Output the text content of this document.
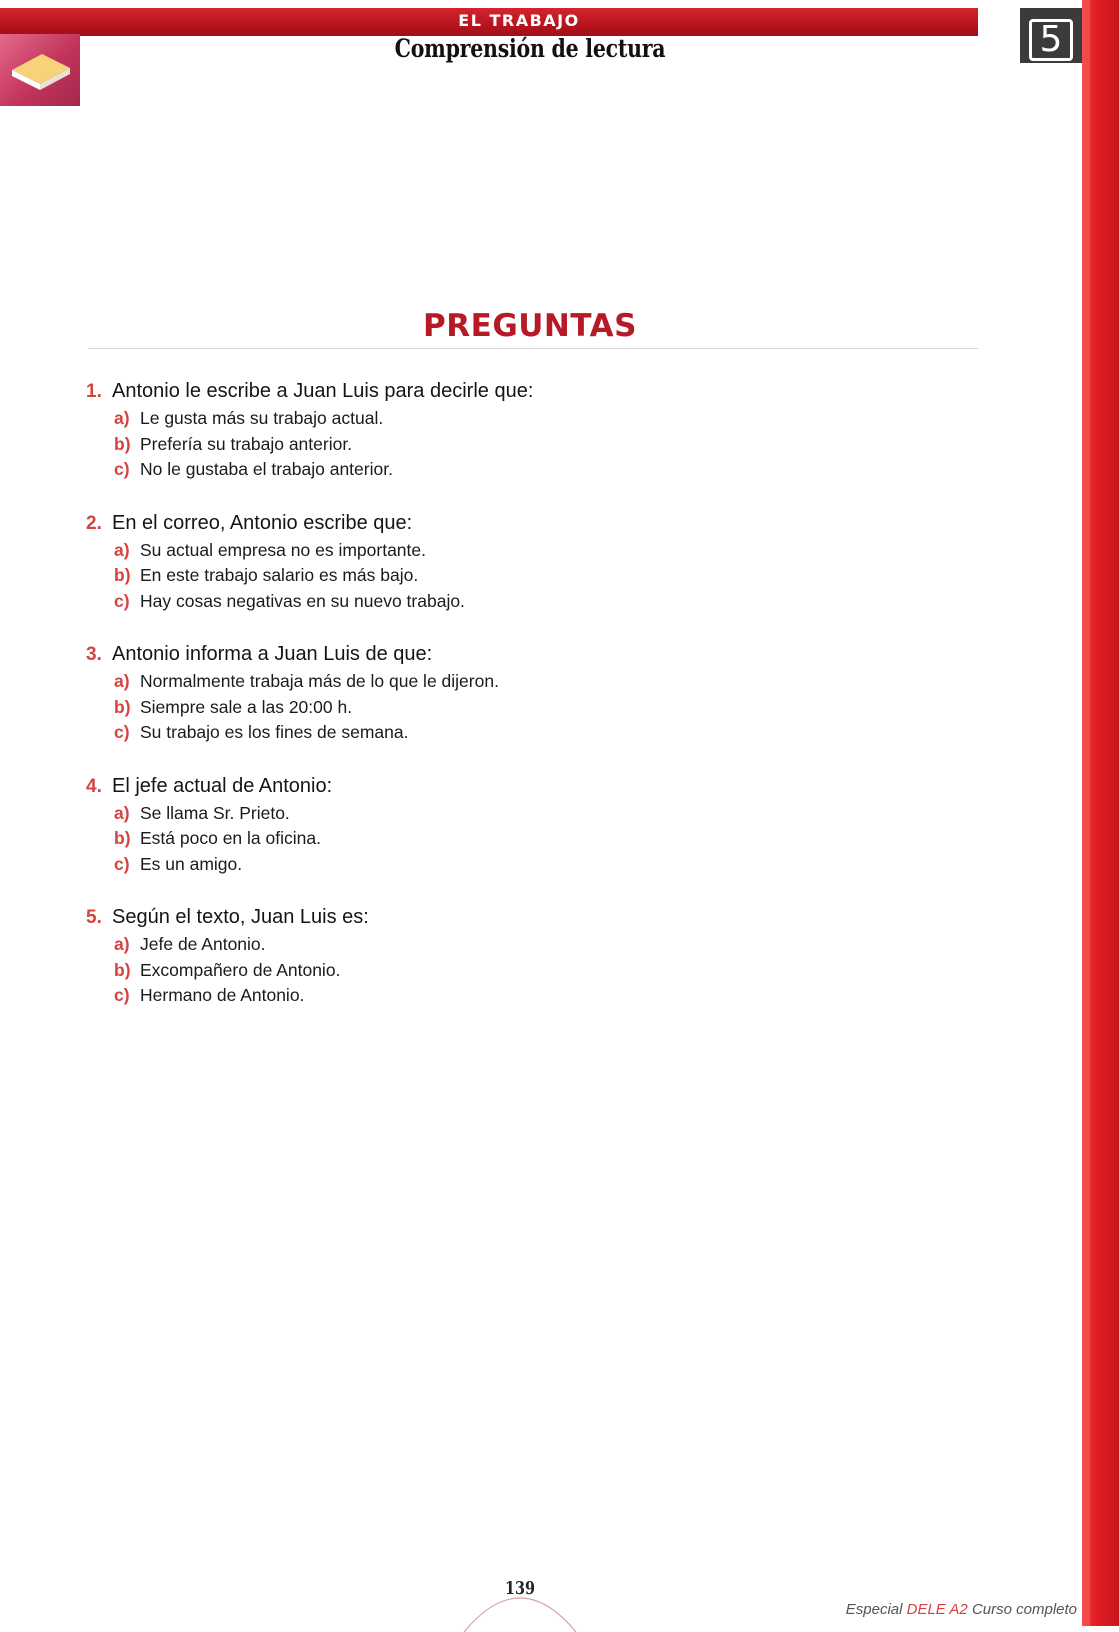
EL TRABAJO
Comprensión de lectura	5
PREGUNTAS
1. Antonio le escribe a Juan Luis para decirle que:
a) Le gusta más su trabajo actual.
b) Prefería su trabajo anterior.
c) No le gustaba el trabajo anterior.
2. En el correo, Antonio escribe que:
a) Su actual empresa no es importante.
b) En este trabajo salario es más bajo.
c) Hay cosas negativas en su nuevo trabajo.
3. Antonio informa a Juan Luis de que:
a) Normalmente trabaja más de lo que le dijeron.
b) Siempre sale a las 20:00 h.
c) Su trabajo es los fines de semana.
4. El jefe actual de Antonio:
a) Se llama Sr. Prieto.
b) Está poco en la oficina.
c) Es un amigo.
5. Según el texto, Juan Luis es:
a) Jefe de Antonio.
b) Excompañero de Antonio.
c) Hermano de Antonio.
139
Especial DELE A2 Curso completo
